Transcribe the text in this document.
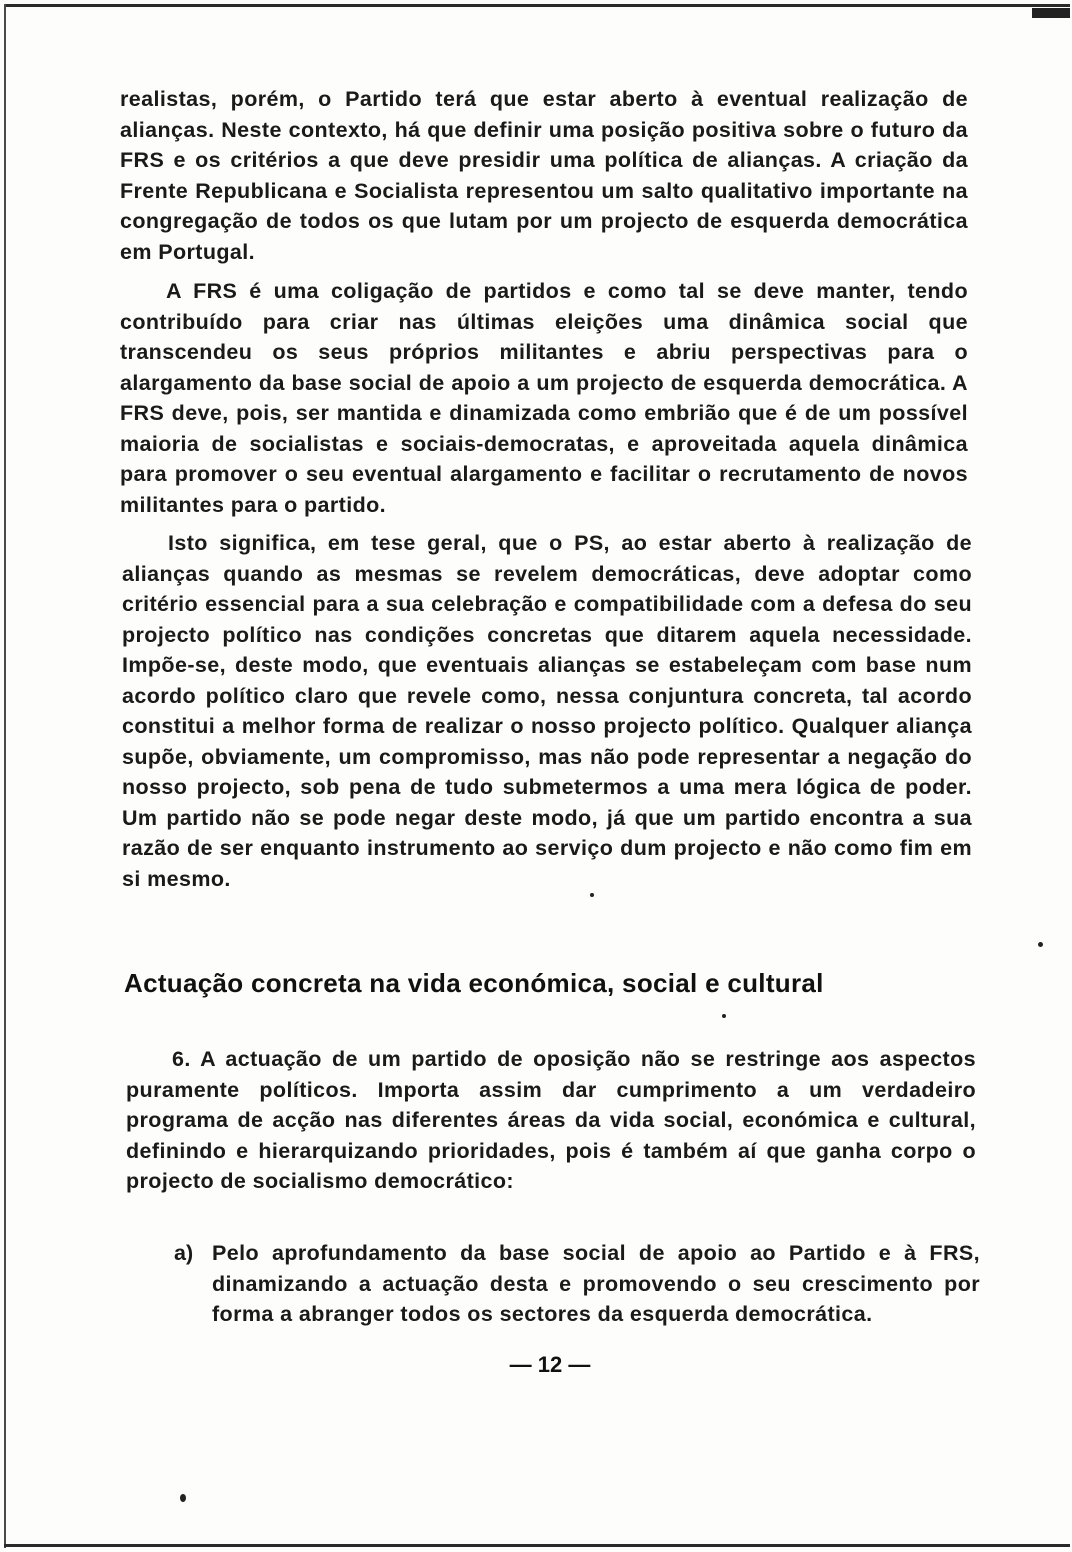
realistas, porém, o Partido terá que estar aberto à eventual realização de alianças. Neste contexto, há que definir uma posição positiva sobre o futuro da FRS e os critérios a que deve presidir uma política de alianças. A criação da Frente Republicana e Socialista representou um salto qualitativo importante na congregação de todos os que lutam por um projecto de esquerda democrática em Portugal.

A FRS é uma coligação de partidos e como tal se deve manter, tendo contribuído para criar nas últimas eleições uma dinâmica social que transcendeu os seus próprios militantes e abriu perspectivas para o alargamento da base social de apoio a um projecto de esquerda democrática. A FRS deve, pois, ser mantida e dinamizada como embrião que é de um possível maioria de socialistas e sociais-democratas, e aproveitada aquela dinâmica para promover o seu eventual alargamento e facilitar o recrutamento de novos militantes para o partido.

Isto significa, em tese geral, que o PS, ao estar aberto à realização de alianças quando as mesmas se revelem democráticas, deve adoptar como critério essencial para a sua celebração e compatibilidade com a defesa do seu projecto político nas condições concretas que ditarem aquela necessidade. Impõe-se, deste modo, que eventuais alianças se estabeleçam com base num acordo político claro que revele como, nessa conjuntura concreta, tal acordo constitui a melhor forma de realizar o nosso projecto político. Qualquer aliança supõe, obviamente, um compromisso, mas não pode representar a negação do nosso projecto, sob pena de tudo submetermos a uma mera lógica de poder. Um partido não se pode negar deste modo, já que um partido encontra a sua razão de ser enquanto instrumento ao serviço dum projecto e não como fim em si mesmo.

Actuação concreta na vida económica, social e cultural

6. A actuação de um partido de oposição não se restringe aos aspectos puramente políticos. Importa assim dar cumprimento a um verdadeiro programa de acção nas diferentes áreas da vida social, económica e cultural, definindo e hierarquizando prioridades, pois é também aí que ganha corpo o projecto de socialismo democrático:

a) Pelo aprofundamento da base social de apoio ao Partido e à FRS, dinamizando a actuação desta e promovendo o seu crescimento por forma a abranger todos os sectores da esquerda democrática.

— 12 —
